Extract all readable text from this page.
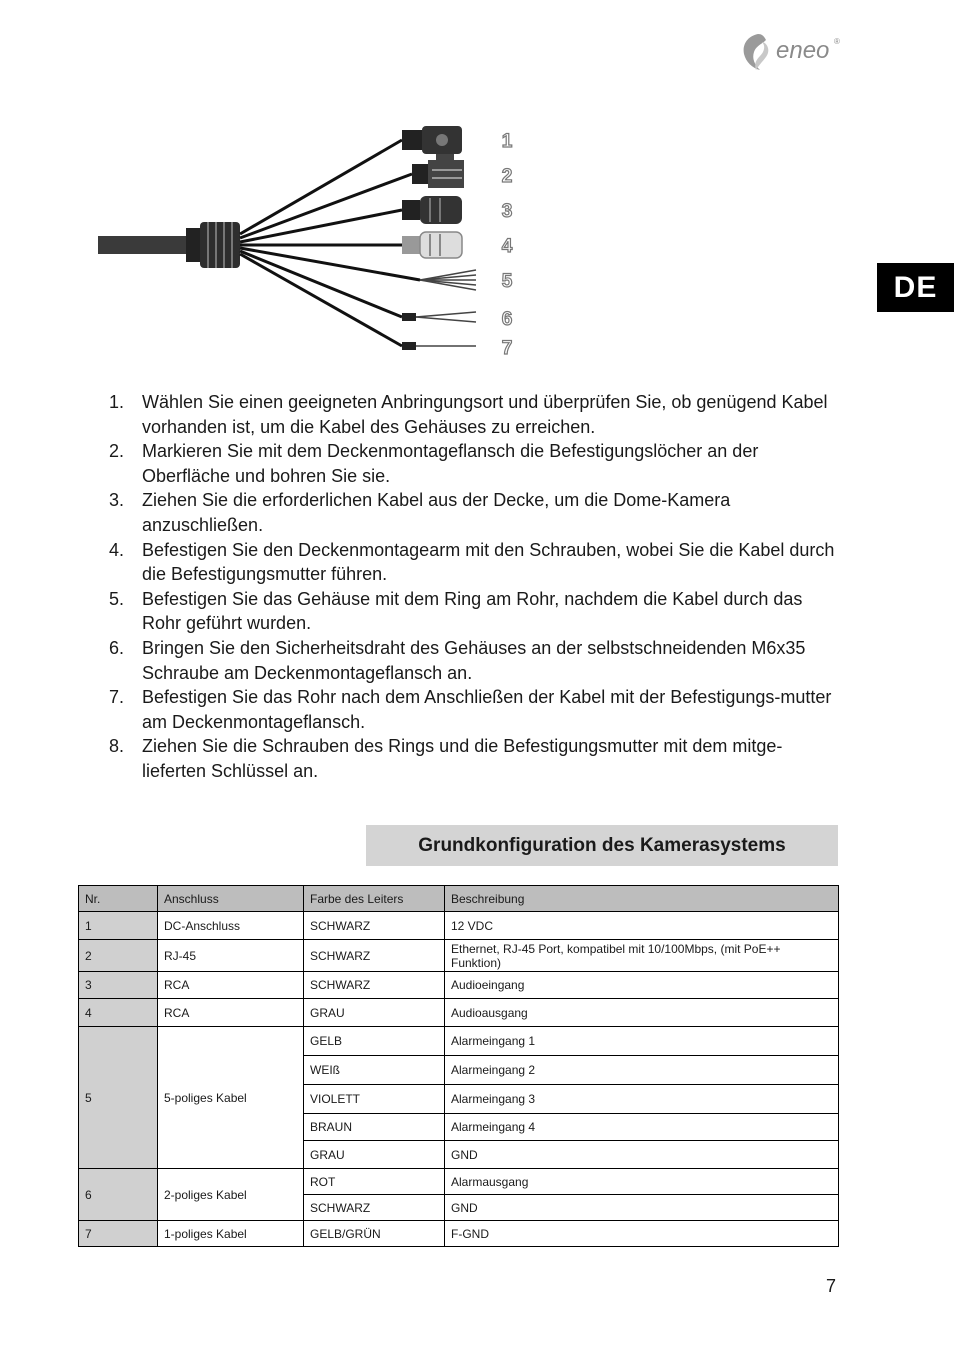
eneo ®
DE
1
2
3
4
5
6
7
1. Wählen Sie einen geeigneten Anbringungsort und überprüfen Sie, ob genügend Kabel vorhanden ist, um die Kabel des Gehäuses zu erreichen.
2. Markieren Sie mit dem Deckenmontageflansch die Befestigungslöcher an der Oberfläche und bohren Sie sie.
3. Ziehen Sie die erforderlichen Kabel aus der Decke, um die Dome-Kamera anzuschließen.
4. Befestigen Sie den Deckenmontagearm mit den Schrauben, wobei Sie die Kabel durch die Befestigungsmutter führen.
5. Befestigen Sie das Gehäuse mit dem Ring am Rohr, nachdem die Kabel durch das Rohr geführt wurden.
6. Bringen Sie den Sicherheitsdraht des Gehäuses an der selbstschneidenden M6x35 Schraube am Deckenmontageflansch an.
7. Befestigen Sie das Rohr nach dem Anschließen der Kabel mit der Befestigungs-mutter am Deckenmontageflansch.
8. Ziehen Sie die Schrauben des Rings und die Befestigungsmutter mit dem mitge-lieferten Schlüssel an.
Grundkonfiguration des Kamerasystems
Nr.	Anschluss	Farbe des Leiters	Beschreibung
1	DC-Anschluss	SCHWARZ	12 VDC
2	RJ-45	SCHWARZ	Ethernet, RJ-45 Port, kompatibel mit 10/100Mbps, (mit PoE++ Funktion)
3	RCA	SCHWARZ	Audioeingang
4	RCA	GRAU	Audioausgang
5	5-poliges Kabel	GELB	Alarmeingang 1
		WEIß	Alarmeingang 2
		VIOLETT	Alarmeingang 3
		BRAUN	Alarmeingang 4
		GRAU	GND
6	2-poliges Kabel	ROT	Alarmausgang
		SCHWARZ	GND
7	1-poliges Kabel	GELB/GRÜN	F-GND
7
